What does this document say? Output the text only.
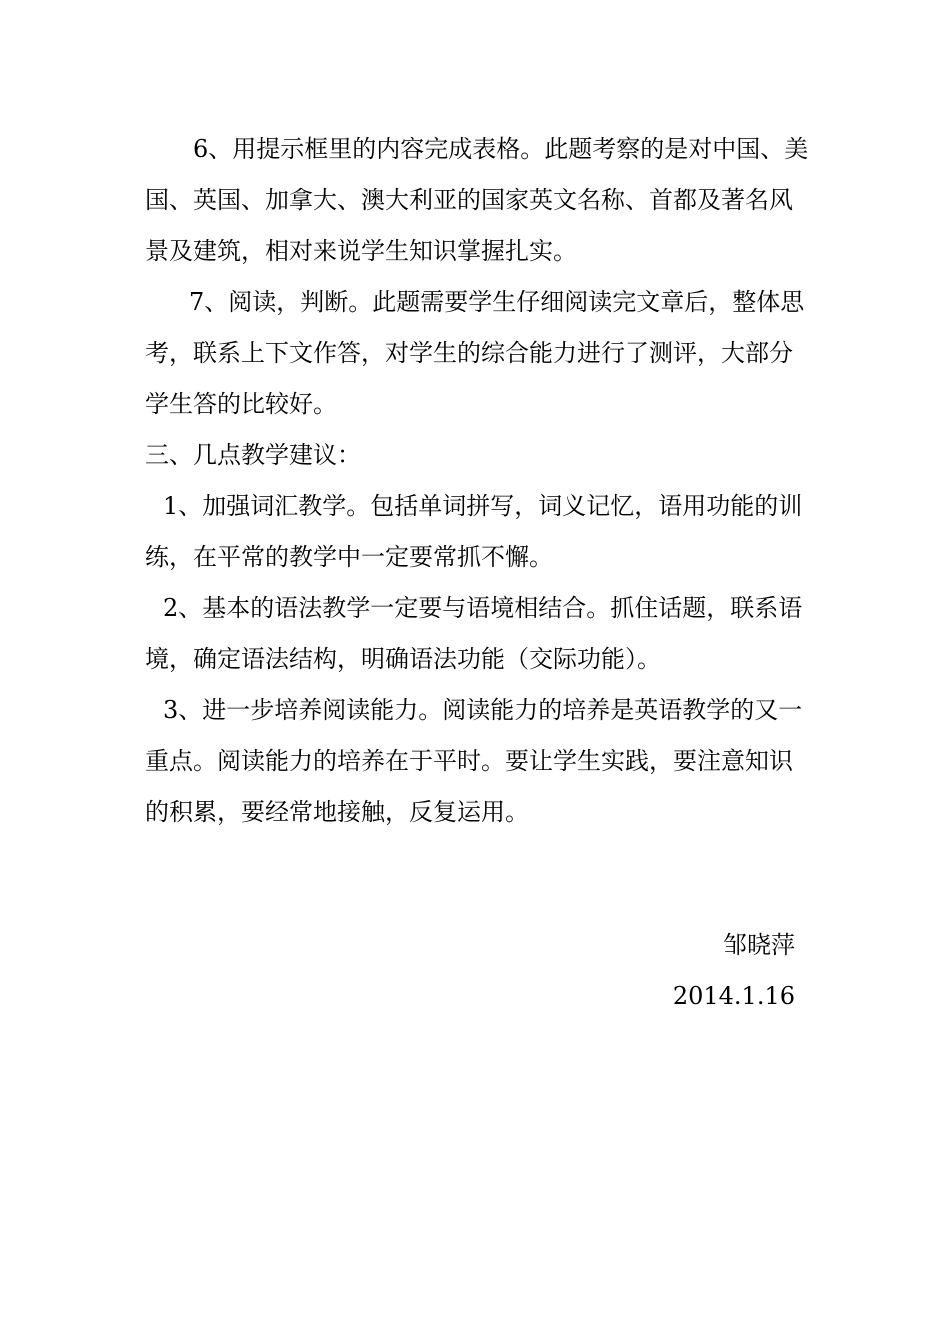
6、用提示框里的内容完成表格。此题考察的是对中国、美国、英国、加拿大、澳大利亚的国家英文名称、首都及著名风景及建筑，相对来说学生知识掌握扎实。

7、阅读，判断。此题需要学生仔细阅读完文章后，整体思考，联系上下文作答，对学生的综合能力进行了测评，大部分学生答的比较好。

三、几点教学建议：

1、加强词汇教学。包括单词拼写，词义记忆，语用功能的训练，在平常的教学中一定要常抓不懈。

2、基本的语法教学一定要与语境相结合。抓住话题，联系语境，确定语法结构，明确语法功能（交际功能）。

3、进一步培养阅读能力。阅读能力的培养是英语教学的又一重点。阅读能力的培养在于平时。要让学生实践，要注意知识的积累，要经常地接触，反复运用。

邹晓萍
2014.1.16
